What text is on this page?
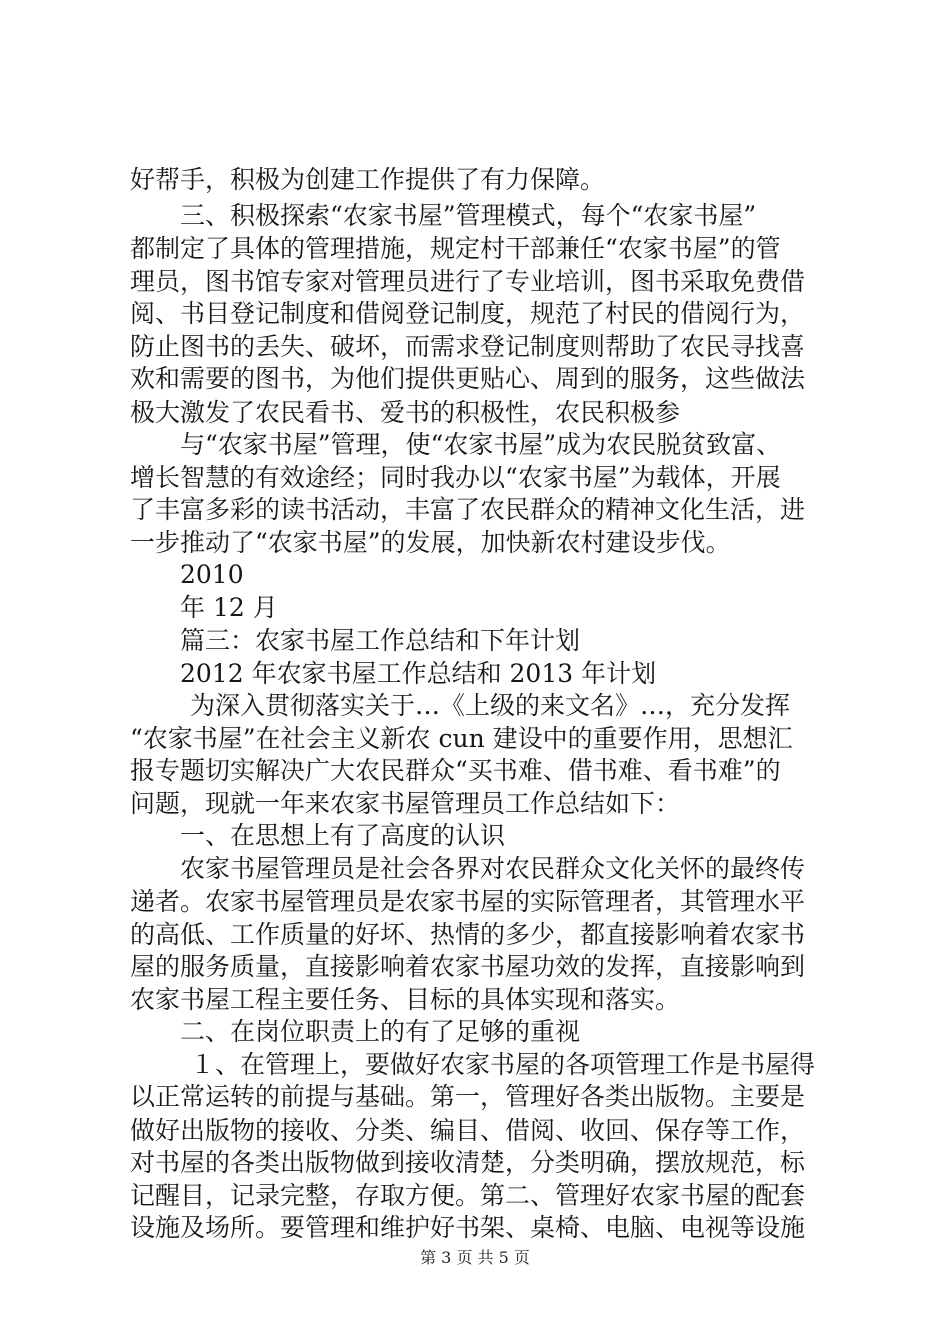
好帮手，积极为创建工作提供了有力保障。
三、积极探索“农家书屋”管理模式，每个“农家书屋”
都制定了具体的管理措施，规定村干部兼任“农家书屋”的管
理员，图书馆专家对管理员进行了专业培训，图书采取免费借
阅、书目登记制度和借阅登记制度，规范了村民的借阅行为，
防止图书的丢失、破坏，而需求登记制度则帮助了农民寻找喜
欢和需要的图书，为他们提供更贴心、周到的服务，这些做法
极大激发了农民看书、爱书的积极性，农民积极参
与“农家书屋”管理，使“农家书屋”成为农民脱贫致富、
增长智慧的有效途经；同时我办以“农家书屋”为载体，开展
了丰富多彩的读书活动，丰富了农民群众的精神文化生活，进
一步推动了“农家书屋”的发展，加快新农村建设步伐。
2010
年 12 月
篇三：农家书屋工作总结和下年计划
2012 年农家书屋工作总结和 2013 年计划
为深入贯彻落实关于…《上级的来文名》…，充分发挥
“农家书屋”在社会主义新农 cun 建设中的重要作用，思想汇
报专题切实解决广大农民群众“买书难、借书难、看书难”的
问题，现就一年来农家书屋管理员工作总结如下：
一、在思想上有了高度的认识
农家书屋管理员是社会各界对农民群众文化关怀的最终传
递者。农家书屋管理员是农家书屋的实际管理者，其管理水平
的高低、工作质量的好坏、热情的多少，都直接影响着农家书
屋的服务质量，直接影响着农家书屋功效的发挥，直接影响到
农家书屋工程主要任务、目标的具体实现和落实。
二、在岗位职责上的有了足够的重视
１、在管理上，要做好农家书屋的各项管理工作是书屋得
以正常运转的前提与基础。第一，管理好各类出版物。主要是
做好出版物的接收、分类、编目、借阅、收回、保存等工作，
对书屋的各类出版物做到接收清楚，分类明确，摆放规范，标
记醒目，记录完整，存取方便。第二、管理好农家书屋的配套
设施及场所。要管理和维护好书架、桌椅、电脑、电视等设施
第 3 页 共 5 页
